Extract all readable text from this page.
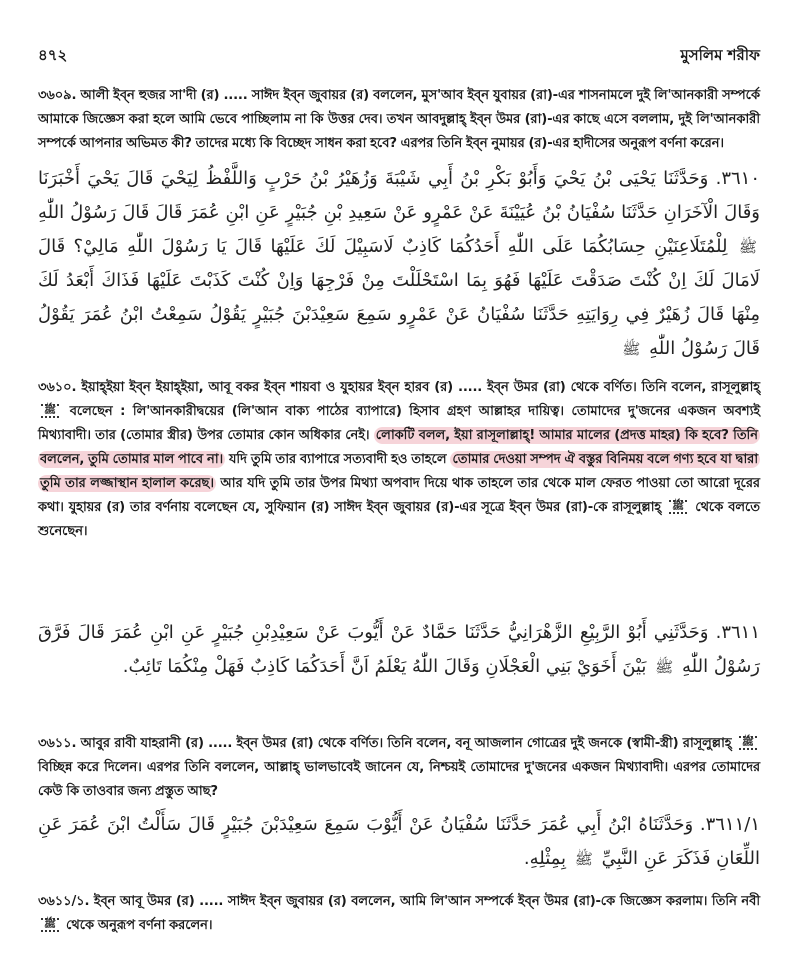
৪৭২	মুসলিম শরীফ
৩৬০৯. আলী ইব্‌ন হুজর সা'দী (র) ..... সাঈদ ইব্‌ন জুবায়র (র) বললেন, মুস'আব ইব্‌ন যুবায়র (রা)-এর শাসনামলে দুই লি'আনকারী সম্পর্কে আমাকে জিজ্ঞেস করা হলে আমি ভেবে পাচ্ছিলাম না কি উত্তর দেব। তখন আবদুল্লাহ্ ইব্‌ন উমর (রা)-এর কাছে এসে বললাম, দুই লি'আনকারী সম্পর্কে আপনার অভিমত কী? তাদের মধ্যে কি বিচ্ছেদ সাধন করা হবে? এরপর তিনি ইব্‌ন নুমায়র (র)-এর হাদীসের অনুরূপ বর্ণনা করেন।
٣٦١٠. وَحَدَّثَنَا يَحْيَى بْنُ يَحْيَ وَأَبُوْ بَكْرِ بْنُ أَبِي شَيْبَةَ وَزُهَيْرُ بْنُ حَرْبٍ وَاللَّفْظُ لِيَحْيَ قَالَ يَحْيَ أَخْبَرَنَا وَقَالَ الْآخَرَانِ حَدَّثَنَا سُفْيَانُ بْنُ عُيَيْنَةَ عَنْ عَمْرٍو عَنْ سَعِيدِ بْنِ جُبَيْرٍ عَنِ ابْنِ عُمَرَ قَالَ قَالَ رَسُوْلُ اللّٰهِ ﷺ لِلْمُتَلَاعِنَيْنِ حِسَابُكُمَا عَلَى اللّٰهِ أَحَدُكُمَا كَاذِبٌ لَاسَبِيْلَ لَكَ عَلَيْهَا قَالَ يَا رَسُوْلَ اللّٰهِ مَالِيْ؟ قَالَ لَامَالَ لَكَ اِنْ كُنْتَ صَدَقْتَ عَلَيْهَا فَهُوَ بِمَا اسْتَحْلَلْتَ مِنْ فَرْجِهَا وَاِنْ كُنْتَ كَذَبْتَ عَلَيْهَا فَذَاكَ أَبْعَدُ لَكَ مِنْهَا قَالَ زُهَيْرٌ فِي رِوَايَتِهِ حَدَّثَنَا سُفْيَانُ عَنْ عَمْرٍو سَمِعَ سَعِيْدَبْنَ جُبَيْرٍ يَقُوْلُ سَمِعْتُ ابْنُ عُمَرَ يَقُوْلُ قَالَ رَسُوْلُ اللّٰهِ ﷺ
৩৬১০. ইয়াহ্‌ইয়া ইব্‌ন ইয়াহ্‌ইয়া, আবূ বকর ইব্‌ন শায়বা ও যুহায়র ইব্‌ন হারব (র) ..... ইব্‌ন উমর (রা) থেকে বর্ণিত। তিনি বলেন, রাসূলুল্লাহ্ ﷺ বলেছেন : লি'আনকারীদ্বয়ের (লি'আন বাক্য পাঠের ব্যাপারে) হিসাব গ্রহণ আল্লাহর দায়িত্ব। তোমাদের দু'জনের একজন অবশ্যই মিথ্যাবাদী। তার (তোমার স্ত্রীর) উপর তোমার কোন অধিকার নেই। লোকটি বলল, ইয়া রাসূলাল্লাহ্! আমার মালের (প্রদত্ত মাহর) কি হবে? তিনি বললেন, তুমি তোমার মাল পাবে না। যদি তুমি তার ব্যাপারে সত্যবাদী হও তাহলে তোমার দেওয়া সম্পদ ঐ বস্তুর বিনিময় বলে গণ্য হবে যা দ্বারা তুমি তার লজ্জাস্থান হালাল করেছ। আর যদি তুমি তার উপর মিথ্যা অপবাদ দিয়ে থাক তাহলে তার থেকে মাল ফেরত পাওয়া তো আরো দূরের কথা। যুহায়র (র) তার বর্ণনায় বলেছেন যে, সুফিয়ান (র) সাঈদ ইব্‌ন জুবায়র (র)-এর সূত্রে ইব্‌ন উমর (রা)-কে রাসূলুল্লাহ্ ﷺ থেকে বলতে শুনেছেন।
٣٦١١. وَحَدَّثَنِي أَبُوْ الرَّبِيْعِ الزَّهْرَانِيُّ حَدَّثَنَا حَمَّادٌ عَنْ أَيُّوبَ عَنْ سَعِيْدِبْنِ جُبَيْرٍ عَنِ ابْنِ عُمَرَ قَالَ فَرَّقَ رَسُوْلُ اللّٰهِ ﷺ بَيْنَ أَخَوَيْ بَنِي الْعَجْلَانِ وَقَالَ اللّٰهُ يَعْلَمُ اَنَّ أَحَدَكُمَا كَاذِبٌ فَهَلْ مِنْكُمَا تَائِبٌ.
৩৬১১. আবুর রাবী যাহরানী (র) ..... ইব্‌ন উমর (রা) থেকে বর্ণিত। তিনি বলেন, বনূ আজলান গোত্রের দুই জনকে (স্বামী-স্ত্রী) রাসূলুল্লাহ্ ﷺ বিচ্ছিন্ন করে দিলেন। এরপর তিনি বললেন, আল্লাহ্ ভালভাবেই জানেন যে, নিশ্চয়ই তোমাদের দু'জনের একজন মিথ্যাবাদী। এরপর তোমাদের কেউ কি তাওবার জন্য প্রস্তুত আছ?
٣٦١١/١. وَحَدَّثَنَاهُ ابْنُ أَبِي عُمَرَ حَدَّثَنَا سُفْيَانُ عَنْ أَيُّوْبَ سَمِعَ سَعِيْدَبْنَ جُبَيْرٍ قَالَ سَأَلْتُ ابْنَ عُمَرَ عَنِ اللِّعَانِ فَذَكَرَ عَنِ النَّبِيِّ ﷺ بِمِثْلِهِ.
৩৬১১/১. ইব্‌ন আবূ উমর (র) ..... সাঈদ ইব্‌ন জুবায়র (র) বললেন, আমি লি'আন সম্পর্কে ইব্‌ন উমর (রা)-কে জিজ্ঞেস করলাম। তিনি নবী ﷺ থেকে অনুরূপ বর্ণনা করলেন।
